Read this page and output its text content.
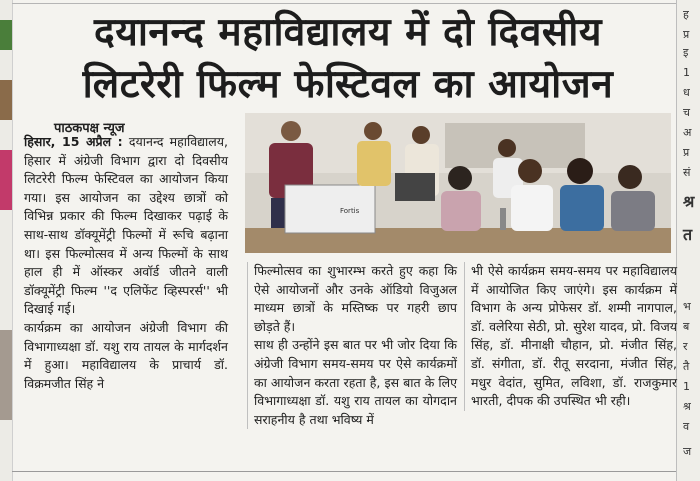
ह
प्र
इ
1
ध
च
अ
प्र
सं
श्र
त
भ
ब
र
तै
1
श्र
व
ज
दयानन्द महाविद्यालय में दो दिवसीय
लिटरेरी फिल्म फेस्टिवल का आयोजन
पाठकपक्ष न्यूज

हिसार, 15 अप्रैल : दयानन्द महाविद्यालय, हिसार में अंग्रेजी विभाग द्वारा दो दिवसीय लिटरेरी फिल्म फेस्टिवल का आयोजन किया गया। इस आयोजन का उद्देश्य छात्रों को विभिन्न प्रकार की फिल्म दिखाकर पढ़ाई के साथ-साथ डॉक्यूमेंट्री फिल्मों में रूचि बढ़ाना था। इस फिल्मोत्सव में अन्य फिल्मों के साथ हाल ही में ऑस्कर अवॉर्ड जीतने वाली डॉक्यूमेंट्री फिल्म ''द एलिफेंट व्हिस्परर्स'' भी दिखाई गई।

कार्यक्रम का आयोजन अंग्रेजी विभाग की विभागाध्यक्षा डॉ. यशु राय तायल के मार्गदर्शन में हुआ। महाविद्यालय के प्राचार्य डॉ. विक्रमजीत सिंह ने

Fortis

फिल्मोत्सव का शुभारम्भ करते हुए कहा कि ऐसे आयोजनों और उनके ऑडियो विजुअल माध्यम छात्रों के मस्तिष्क पर गहरी छाप छोड़ते हैं।

साथ ही उन्होंने इस बात पर भी जोर दिया कि अंग्रेजी विभाग समय-समय पर ऐसे कार्यक्रमों का आयोजन करता रहता है, इस बात के लिए विभागाध्यक्षा डॉ. यशु राय तायल का योगदान सराहनीय है तथा भविष्य में

भी ऐसे कार्यक्रम समय-समय पर महाविद्यालय में आयोजित किए जाएंगे। इस कार्यक्रम में विभाग के अन्य प्रोफेसर डॉ. शम्मी नागपाल, डॉ. वलेरिया सेठी, प्रो. सुरेश यादव, प्रो. विजय सिंह, डॉ. मीनाक्षी चौहान, प्रो. मंजीत सिंह, डॉ. संगीता, डॉ. रीतू सरदाना, मंजीत सिंह, मधुर वेदांत, सुमित, लविशा, डॉ. राजकुमार भारती, दीपक की उपस्थित भी रही।
